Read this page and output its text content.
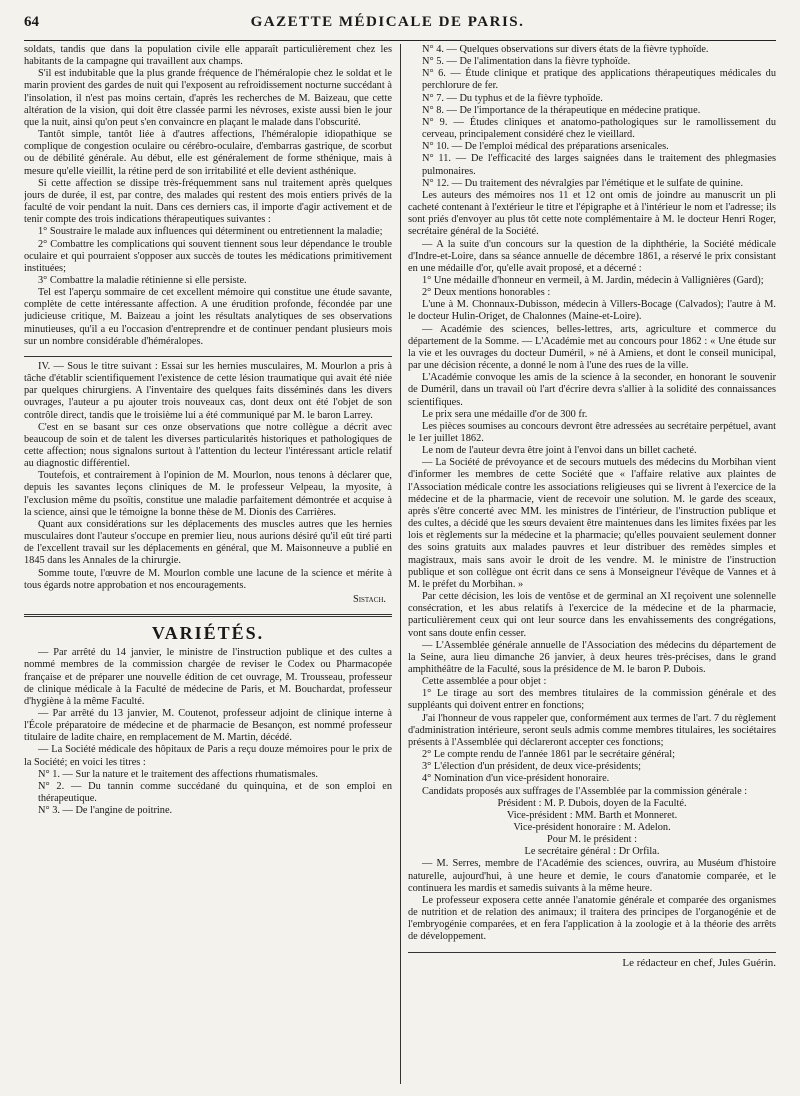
64	GAZETTE MÉDICALE DE PARIS.

soldats, tandis que dans la population civile elle apparaît particulièrement chez les habitants de la campagne qui travaillent aux champs.

S'il est indubitable que la plus grande fréquence de l'héméralopie chez le soldat et le marin provient des gardes de nuit qui l'exposent au refroidissement nocturne succédant à l'insolation, il n'est pas moins certain, d'après les recherches de M. Baizeau, que cette altération de la vision, qui doit être classée parmi les névroses, existe aussi bien le jour que la nuit, ainsi qu'on peut s'en convaincre en plaçant le malade dans l'obscurité.

Tantôt simple, tantôt liée à d'autres affections, l'héméralopie idiopathique se complique de congestion oculaire ou cérébro-oculaire, d'embarras gastrique, de scorbut ou de débilité générale. Au début, elle est généralement de forme sthénique, mais à mesure qu'elle vieillit, la rétine perd de son irritabilité et elle devient asthénique.

Si cette affection se dissipe très-fréquemment sans nul traitement après quelques jours de durée, il est, par contre, des malades qui restent des mois entiers privés de la faculté de voir pendant la nuit. Dans ces derniers cas, il importe d'agir activement et de tenir compte des trois indications thérapeutiques suivantes :

1° Soustraire le malade aux influences qui déterminent ou entretiennent la maladie;

2° Combattre les complications qui souvent tiennent sous leur dépendance le trouble oculaire et qui pourraient s'opposer aux succès de toutes les médications primitivement instituées;

3° Combattre la maladie rétinienne si elle persiste.

Tel est l'aperçu sommaire de cet excellent mémoire qui constitue une étude savante, complète de cette intéressante affection. A une érudition profonde, fécondée par une judicieuse critique, M. Baizeau a joint les résultats analytiques de ses observations minutieuses, qu'il a eu l'occasion d'entreprendre et de continuer pendant plusieurs mois sur un nombre considérable d'héméralopes.

IV. — Sous le titre suivant : Essai sur les hernies musculaires, M. Mourlon a pris à tâche d'établir scientifiquement l'existence de cette lésion traumatique qui avait été niée par quelques chirurgiens. A l'inventaire des quelques faits disséminés dans les divers ouvrages, l'auteur a pu ajouter trois nouveaux cas, dont deux ont été l'objet de son contrôle direct, tandis que le troisième lui a été communiqué par M. le baron Larrey.

C'est en se basant sur ces onze observations que notre collègue a décrit avec beaucoup de soin et de talent les diverses particularités historiques et pathologiques de cette affection; nous signalons surtout à l'attention du lecteur l'intéressant article relatif au diagnostic différentiel.

Toutefois, et contrairement à l'opinion de M. Mourlon, nous tenons à déclarer que, depuis les savantes leçons cliniques de M. le professeur Velpeau, la myosite, à l'exclusion même du psoïtis, constitue une maladie parfaitement démontrée et acquise à la science, ainsi que le témoigne la bonne thèse de M. Dionis des Carrières.

Quant aux considérations sur les déplacements des muscles autres que les hernies musculaires dont l'auteur s'occupe en premier lieu, nous aurions désiré qu'il eût tiré parti de l'excellent travail sur les déplacements en général, que M. Maisonneuve a publié en 1845 dans les Annales de la chirurgie.

Somme toute, l'œuvre de M. Mourlon comble une lacune de la science et mérite à tous égards notre approbation et nos encouragements.

Sistach.
VARIÉTÉS.

— Par arrêté du 14 janvier, le ministre de l'instruction publique et des cultes a nommé membres de la commission chargée de reviser le Codex ou Pharmacopée française et de préparer une nouvelle édition de cet ouvrage, M. Trousseau, professeur de clinique médicale à la Faculté de médecine de Paris, et M. Bouchardat, professeur d'hygiène à la même Faculté.

— Par arrêté du 13 janvier, M. Coutenot, professeur adjoint de clinique interne à l'École préparatoire de médecine et de pharmacie de Besançon, est nommé professeur titulaire de ladite chaire, en remplacement de M. Martin, décédé.

— La Société médicale des hôpitaux de Paris a reçu douze mémoires pour le prix de la Société; en voici les titres :

N° 1. — Sur la nature et le traitement des affections rhumatismales.

N° 2. — Du tannin comme succédané du quinquina, et de son emploi en thérapeutique.

N° 3. — De l'angine de poitrine.

N° 4. — Quelques observations sur divers états de la fièvre typhoïde.

N° 5. — De l'alimentation dans la fièvre typhoïde.

N° 6. — Étude clinique et pratique des applications thérapeutiques médicales du perchlorure de fer.

N° 7. — Du typhus et de la fièvre typhoïde.

N° 8. — De l'importance de la thérapeutique en médecine pratique.

N° 9. — Études cliniques et anatomo-pathologiques sur le ramollissement du cerveau, principalement considéré chez le vieillard.

N° 10. — De l'emploi médical des préparations arsenicales.

N° 11. — De l'efficacité des larges saignées dans le traitement des phlegmasies pulmonaires.

N° 12. — Du traitement des névralgies par l'émétique et le sulfate de quinine.

Les auteurs des mémoires nos 11 et 12 ont omis de joindre au manuscrit un pli cacheté contenant à l'extérieur le titre et l'épigraphe et à l'intérieur le nom et l'adresse; ils sont priés d'envoyer au plus tôt cette note complémentaire à M. le docteur Henri Roger, secrétaire général de la Société.

— A la suite d'un concours sur la question de la diphthérie, la Société médicale d'Indre-et-Loire, dans sa séance annuelle de décembre 1861, a réservé le prix consistant en une médaille d'or, qu'elle avait proposé, et a décerné :

1° Une médaille d'honneur en vermeil, à M. Jardin, médecin à Vallignières (Gard);

2° Deux mentions honorables :

L'une à M. Chonnaux-Dubisson, médecin à Villers-Bocage (Calvados); l'autre à M. le docteur Hulin-Origet, de Chalonnes (Maine-et-Loire).

— Académie des sciences, belles-lettres, arts, agriculture et commerce du département de la Somme. — L'Académie met au concours pour 1862 : « Une étude sur la vie et les ouvrages du docteur Duméril, » né à Amiens, et dont le conseil municipal, par une décision récente, a donné le nom à l'une des rues de la ville.

L'Académie convoque les amis de la science à la seconder, en honorant le souvenir de Duméril, dans un travail où l'art d'écrire devra s'allier à la solidité des connaissances scientifiques.

Le prix sera une médaille d'or de 300 fr.

Les pièces soumises au concours devront être adressées au secrétaire perpétuel, avant le 1er juillet 1862.

Le nom de l'auteur devra être joint à l'envoi dans un billet cacheté.

— La Société de prévoyance et de secours mutuels des médecins du Morbihan vient d'informer les membres de cette Société que « l'affaire relative aux plaintes de l'Association médicale contre les associations religieuses qui se livrent à l'exercice de la médecine et de la pharmacie, vient de recevoir une solution. M. le garde des sceaux, après s'être concerté avec MM. les ministres de l'intérieur, de l'instruction publique et des cultes, a décidé que les sœurs devaient être maintenues dans les limites fixées par les lois et règlements sur la médecine et la pharmacie; qu'elles pouvaient seulement donner des soins gratuits aux malades pauvres et leur distribuer des remèdes simples et magistraux, mais sans avoir le droit de les vendre. M. le ministre de l'instruction publique et son collègue ont écrit dans ce sens à Monseigneur l'évêque de Vannes et à M. le préfet du Morbihan. »

Par cette décision, les lois de ventôse et de germinal an XI reçoivent une solennelle consécration, et les abus relatifs à l'exercice de la médecine et de la pharmacie, particulièrement ceux qui ont leur source dans les envahissements des congrégations, vont sans doute enfin cesser.

— L'Assemblée générale annuelle de l'Association des médecins du département de la Seine, aura lieu dimanche 26 janvier, à deux heures très-précises, dans le grand amphithéâtre de la Faculté, sous la présidence de M. le baron P. Dubois.

Cette assemblée a pour objet :

1° Le tirage au sort des membres titulaires de la commission générale et des suppléants qui doivent entrer en fonctions;

J'ai l'honneur de vous rappeler que, conformément aux termes de l'art. 7 du règlement d'administration intérieure, seront seuls admis comme membres titulaires, les sociétaires présents à l'Assemblée qui déclareront accepter ces fonctions;

2° Le compte rendu de l'année 1861 par le secrétaire général;

3° L'élection d'un président, de deux vice-présidents;

4° Nomination d'un vice-président honoraire.

Candidats proposés aux suffrages de l'Assemblée par la commission générale :

Président : M. P. Dubois, doyen de la Faculté.

Vice-président : MM. Barth et Monneret.

Vice-président honoraire : M. Adelon.

Pour M. le président :

Le secrétaire général : Dr Orfila.

— M. Serres, membre de l'Académie des sciences, ouvrira, au Muséum d'histoire naturelle, aujourd'hui, à une heure et demie, le cours d'anatomie comparée, et le continuera les mardis et samedis suivants à la même heure.

Le professeur exposera cette année l'anatomie générale et comparée des organismes de nutrition et de relation des animaux; il traitera des principes de l'organogénie et de l'embryogénie comparées, et en fera l'application à la zoologie et à la théorie des arrêts de développement.

Le rédacteur en chef, Jules Guérin.
